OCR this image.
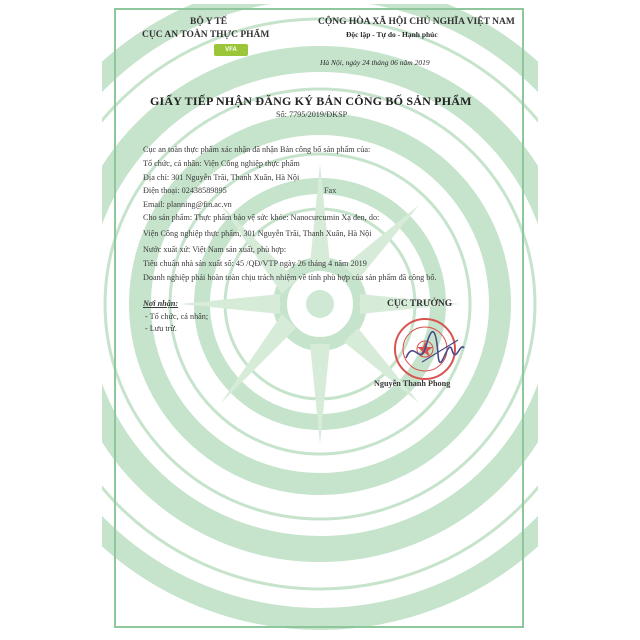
BỘ Y TẾ
CỤC AN TOÀN THỰC PHẨM
VFA
CỘNG HÒA XÃ HỘI CHỦ NGHĨA VIỆT NAM
Độc lập - Tự do - Hạnh phúc
Hà Nội, ngày 24 tháng 06 năm 2019
GIẤY TIẾP NHẬN ĐĂNG KÝ BẢN CÔNG BỐ SẢN PHẨM
Số: 7795/2019/ĐKSP
Cục an toàn thực phẩm xác nhận đã nhận Bản công bố sản phẩm của:
Tổ chức, cá nhân: Viện Công nghiệp thực phẩm
Địa chỉ: 301 Nguyễn Trãi, Thanh Xuân, Hà Nội
Điện thoại: 02438589895	Fax
Email: planning@fin.ac.vn
Cho sản phẩm: Thực phẩm bảo vệ sức khỏe: Nanocurcumin Xạ đen, do:
Viện Công nghiệp thực phẩm, 301 Nguyễn Trãi, Thanh Xuân, Hà Nội
Nước xuất xứ: Việt Nam sản xuất, phù hợp:
Tiêu chuẩn nhà sản xuất số: 45 /QĐ/VTP ngày 26 tháng 4 năm 2019
Doanh nghiệp phải hoàn toàn chịu trách nhiệm về tính phù hợp của sản phẩm đã công bố.
Nơi nhận:
- Tổ chức, cá nhân;
- Lưu trữ.
CỤC TRƯỞNG
Nguyễn Thanh Phong
